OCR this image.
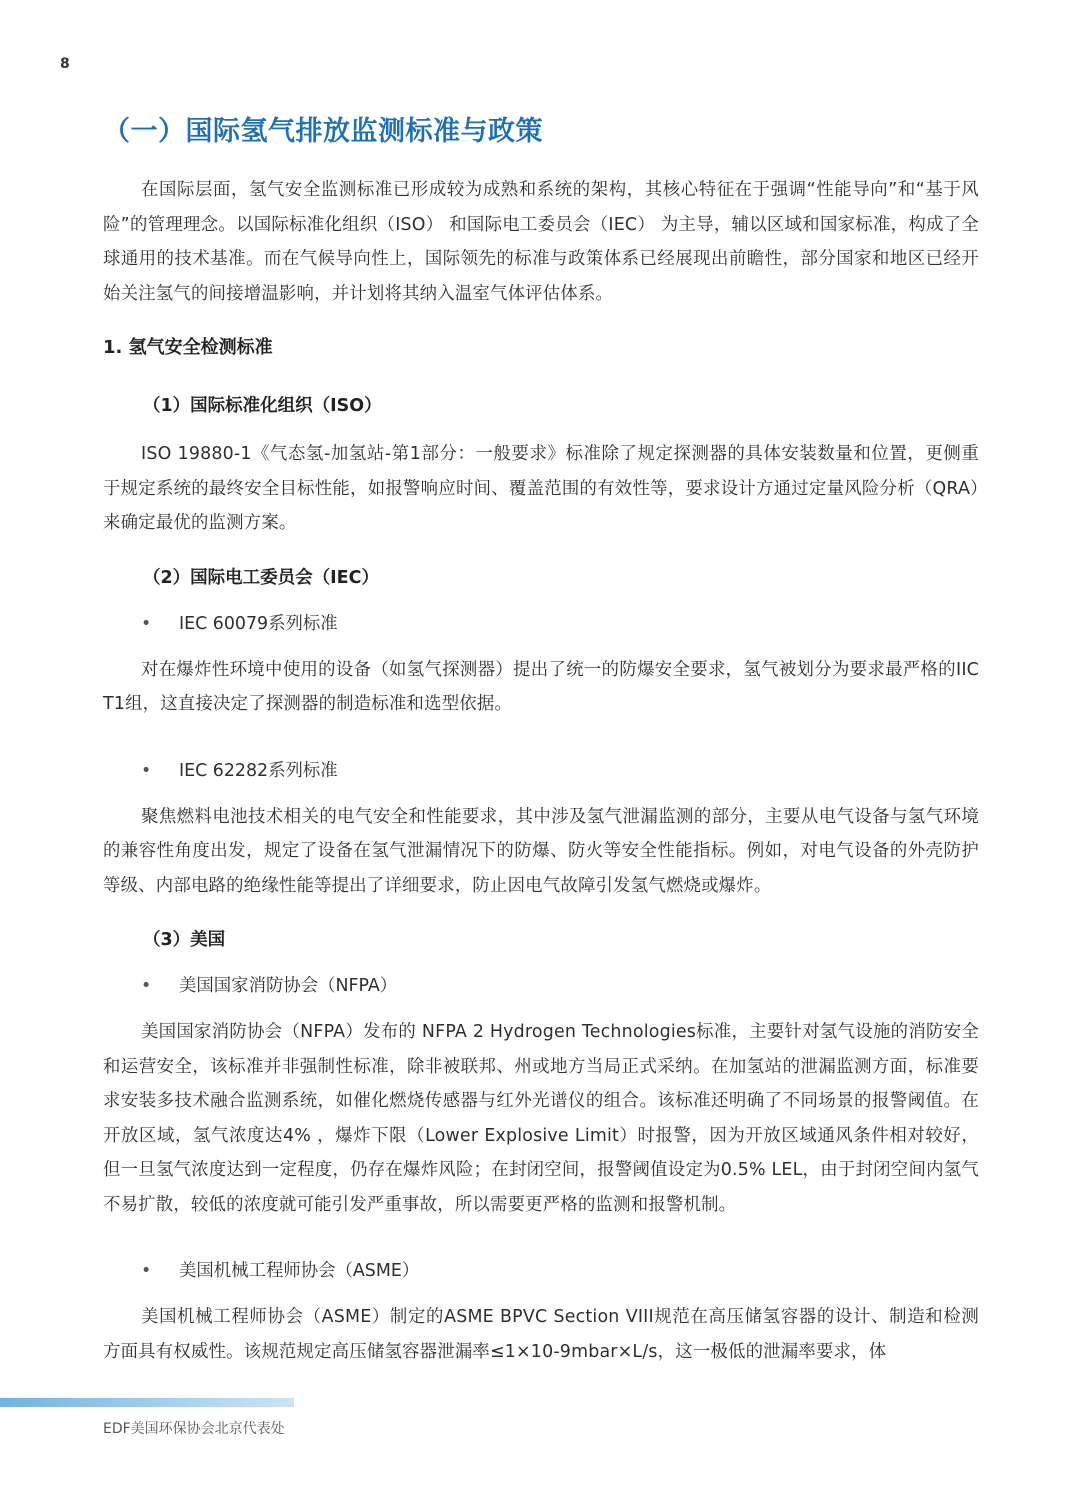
8
（一）国际氢气排放监测标准与政策

在国际层面，氢气安全监测标准已形成较为成熟和系统的架构，其核心特征在于强调“性能导向”和“基于风险”的管理理念。以国际标准化组织（ISO） 和国际电工委员会（IEC） 为主导，辅以区域和国家标准，构成了全球通用的技术基准。而在气候导向性上，国际领先的标准与政策体系已经展现出前瞻性，部分国家和地区已经开始关注氢气的间接增温影响，并计划将其纳入温室气体评估体系。

1. 氢气安全检测标准
（1）国际标准化组织（ISO）

ISO 19880-1《气态氢-加氢站-第1部分：一般要求》标准除了规定探测器的具体安装数量和位置，更侧重于规定系统的最终安全目标性能，如报警响应时间、覆盖范围的有效性等，要求设计方通过定量风险分析（QRA）来确定最优的监测方案。

（2）国际电工委员会（IEC）
• IEC 60079系列标准

对在爆炸性环境中使用的设备（如氢气探测器）提出了统一的防爆安全要求，氢气被划分为要求最严格的IIC T1组，这直接决定了探测器的制造标准和选型依据。

• IEC 62282系列标准

聚焦燃料电池技术相关的电气安全和性能要求，其中涉及氢气泄漏监测的部分，主要从电气设备与氢气环境的兼容性角度出发，规定了设备在氢气泄漏情况下的防爆、防火等安全性能指标。例如，对电气设备的外壳防护等级、内部电路的绝缘性能等提出了详细要求，防止因电气故障引发氢气燃烧或爆炸。

（3）美国
• 美国国家消防协会（NFPA）

美国国家消防协会（NFPA）发布的 NFPA 2 Hydrogen Technologies标准，主要针对氢气设施的消防安全和运营安全，该标准并非强制性标准，除非被联邦、州或地方当局正式采纳。在加氢站的泄漏监测方面，标准要求安装多技术融合监测系统，如催化燃烧传感器与红外光谱仪的组合。该标准还明确了不同场景的报警阈值。在开放区域，氢气浓度达4% ，爆炸下限（Lower Explosive Limit）时报警，因为开放区域通风条件相对较好，但一旦氢气浓度达到一定程度，仍存在爆炸风险；在封闭空间，报警阈值设定为0.5% LEL，由于封闭空间内氢气不易扩散，较低的浓度就可能引发严重事故，所以需要更严格的监测和报警机制。

• 美国机械工程师协会（ASME）

美国机械工程师协会（ASME）制定的ASME BPVC Section VIII规范在高压储氢容器的设计、制造和检测方面具有权威性。该规范规定高压储氢容器泄漏率≤1×10-9mbar×L/s，这一极低的泄漏率要求，体

EDF美国环保协会北京代表处
